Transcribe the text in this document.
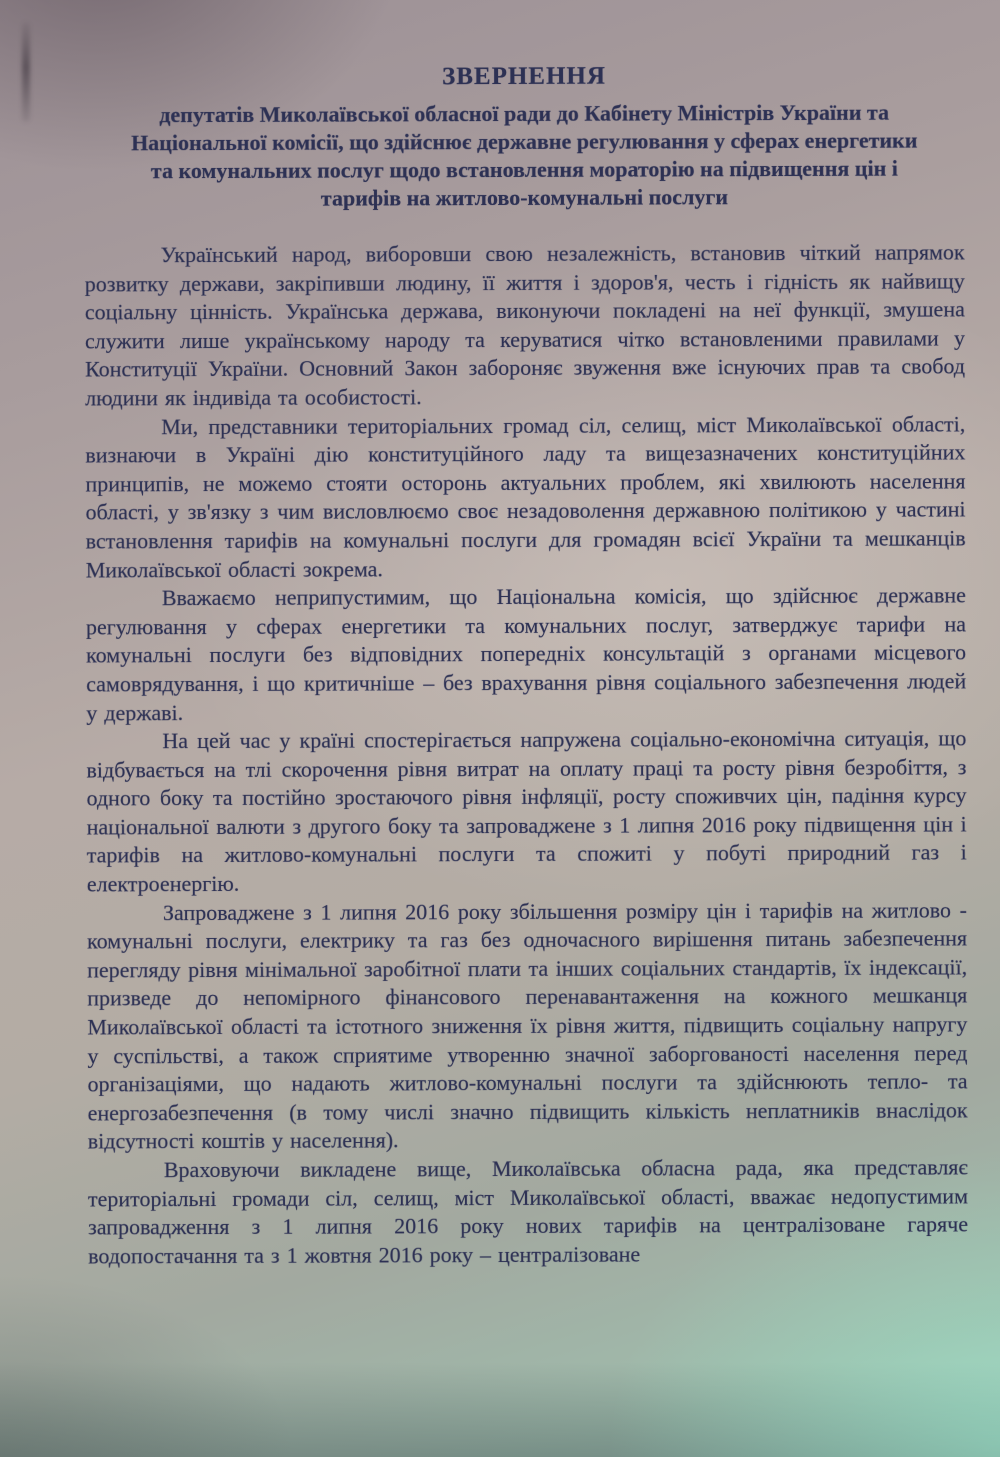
ЗВЕРНЕННЯ
депутатів Миколаївської обласної ради до Кабінету Міністрів України та
Національної комісії, що здійснює державне регулювання у сферах енергетики
та комунальних послуг щодо встановлення мораторію на підвищення цін і
тарифів на житлово-комунальні послуги

Український народ, виборовши свою незалежність, встановив чіткий напрямок розвитку держави, закріпивши людину, її життя і здоров'я, честь і гідність як найвищу соціальну цінність. Українська держава, виконуючи покладені на неї функції, змушена служити лише українському народу та керуватися чітко встановленими правилами у Конституції України. Основний Закон забороняє звуження вже існуючих прав та свобод людини як індивіда та особистості.

Ми, представники територіальних громад сіл, селищ, міст Миколаївської області, визнаючи в Україні дію конституційного ладу та вищезазначених конституційних принципів, не можемо стояти осторонь актуальних проблем, які хвилюють населення області, у зв'язку з чим висловлюємо своє незадоволення державною політикою у частині встановлення тарифів на комунальні послуги для громадян всієї України та мешканців Миколаївської області зокрема.

Вважаємо неприпустимим, що Національна комісія, що здійснює державне регулювання у сферах енергетики та комунальних послуг, затверджує тарифи на комунальні послуги без відповідних попередніх консультацій з органами місцевого самоврядування, і що критичніше – без врахування рівня соціального забезпечення людей у державі.

На цей час у країні спостерігається напружена соціально-економічна ситуація, що відбувається на тлі скорочення рівня витрат на оплату праці та росту рівня безробіття, з одного боку та постійно зростаючого рівня інфляції, росту споживчих цін, падіння курсу національної валюти з другого боку та запроваджене з 1 липня 2016 року підвищення цін і тарифів на житлово-комунальні послуги та спожиті у побуті природний газ і електроенергію.

Запроваджене з 1 липня 2016 року збільшення розміру цін і тарифів на житлово - комунальні послуги, електрику та газ без одночасного вирішення питань забезпечення перегляду рівня мінімальної заробітної плати та інших соціальних стандартів, їх індексації, призведе до непомірного фінансового перенавантаження на кожного мешканця Миколаївської області та істотного зниження їх рівня життя, підвищить соціальну напругу у суспільстві, а також сприятиме утворенню значної заборгованості населення перед організаціями, що надають житлово-комунальні послуги та здійснюють тепло- та енергозабезпечення (в тому числі значно підвищить кількість неплатників внаслідок відсутності коштів у населення).

Враховуючи викладене вище, Миколаївська обласна рада, яка представляє територіальні громади сіл, селищ, міст Миколаївської області, вважає недопустимим запровадження з 1 липня 2016 року нових тарифів на централізоване гаряче водопостачання та з 1 жовтня 2016 року – централізоване
